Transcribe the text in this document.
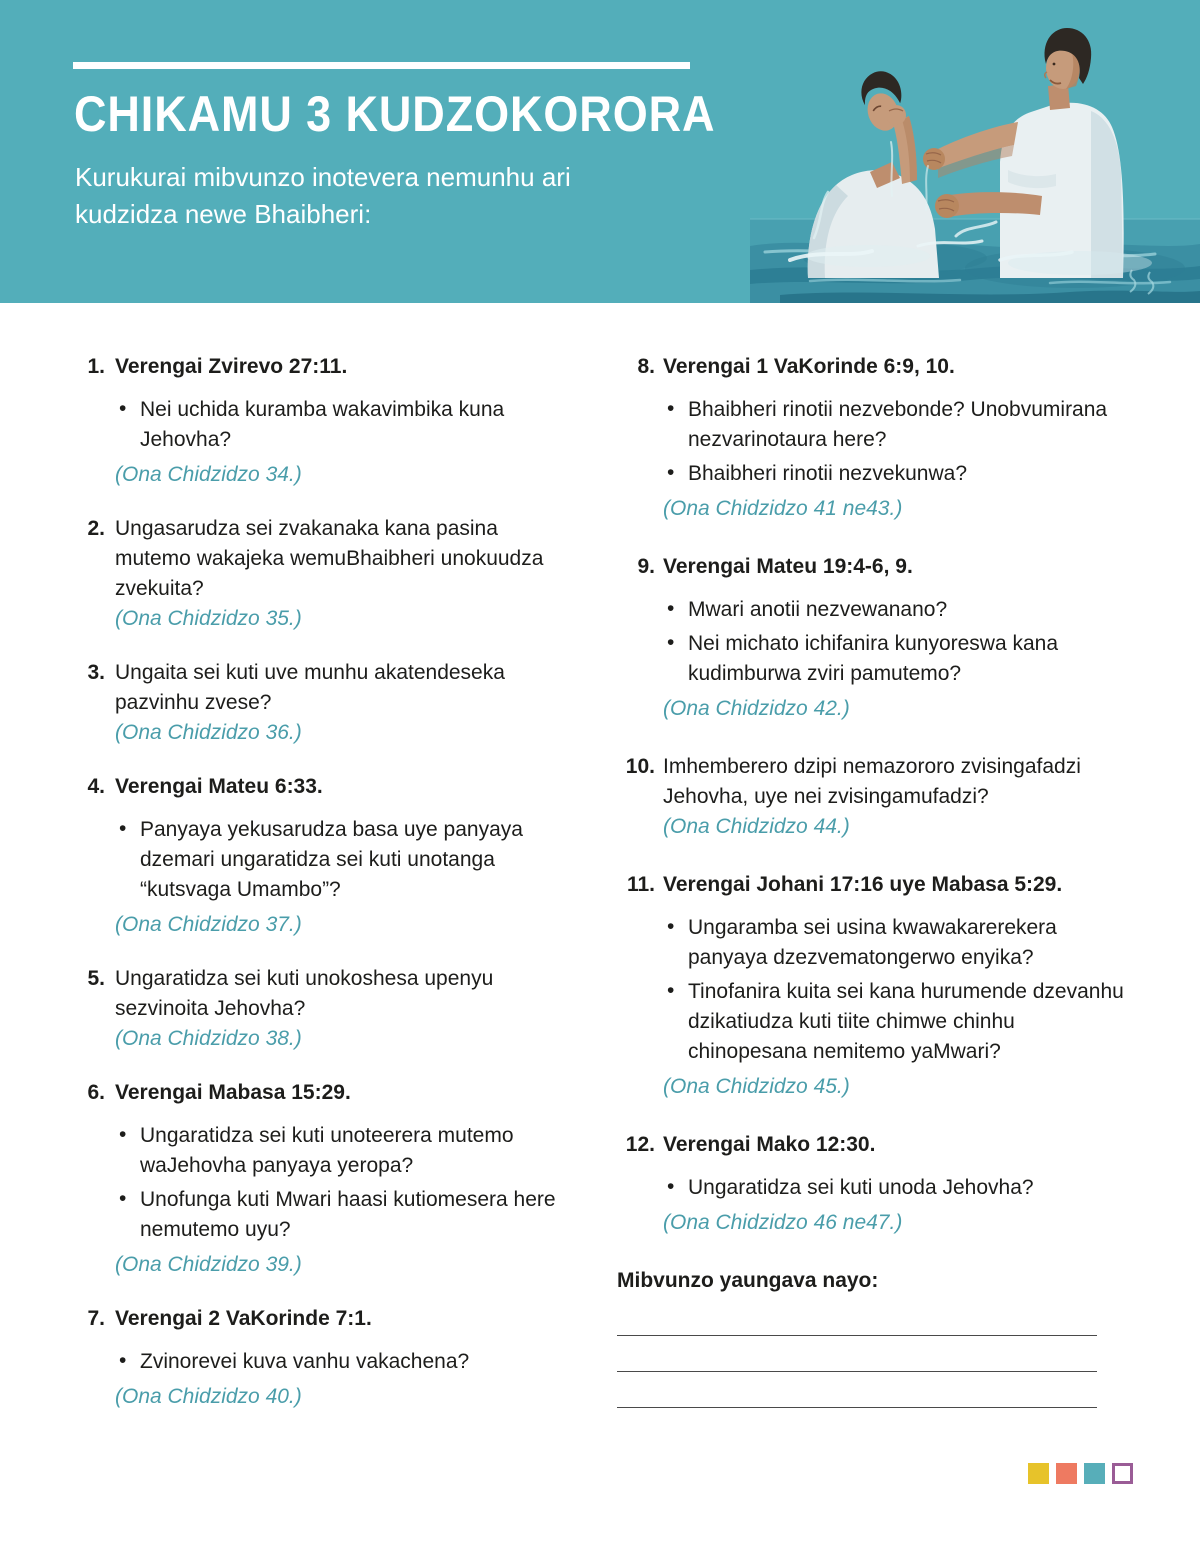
CHIKAMU 3 KUDZOKORORA
Kurukurai mibvunzo inotevera nemunhu ari kudzidza newe Bhaibheri:
1. Verengai Zvirevo 27:11.
• Nei uchida kuramba wakavimbika kuna Jehovha?
(Ona Chidzidzo 34.)
2. Ungasarudza sei zvakanaka kana pasina mutemo wakajeka wemuBhaibheri unokuudza zvekuita?
(Ona Chidzidzo 35.)
3. Ungaita sei kuti uve munhu akatendeseka pazvinhu zvese?
(Ona Chidzidzo 36.)
4. Verengai Mateu 6:33.
• Panyaya yekusarudza basa uye panyaya dzemari ungaratidza sei kuti unotanga “kutsvaga Umambo”?
(Ona Chidzidzo 37.)
5. Ungaratidza sei kuti unokoshesa upenyu sezvinoita Jehovha?
(Ona Chidzidzo 38.)
6. Verengai Mabasa 15:29.
• Ungaratidza sei kuti unoteerera mutemo waJehovha panyaya yeropa?
• Unofunga kuti Mwari haasi kutiomesera here nemutemo uyu?
(Ona Chidzidzo 39.)
7. Verengai 2 VaKorinde 7:1.
• Zvinorevei kuva vanhu vakachena?
(Ona Chidzidzo 40.)
8. Verengai 1 VaKorinde 6:9, 10.
• Bhaibheri rinotii nezvebonde? Unobvumirana nezvarinotaura here?
• Bhaibheri rinotii nezvekunwa?
(Ona Chidzidzo 41 ne43.)
9. Verengai Mateu 19:4-6, 9.
• Mwari anotii nezvewanano?
• Nei michato ichifanira kunyoreswa kana kudimburwa zviri pamutemo?
(Ona Chidzidzo 42.)
10. Imhemberero dzipi nemazororo zvisingafadzi Jehovha, uye nei zvisingamufadzi?
(Ona Chidzidzo 44.)
11. Verengai Johani 17:16 uye Mabasa 5:29.
• Ungaramba sei usina kwawakarerekera panyaya dzezvematongerwo enyika?
• Tinofanira kuita sei kana hurumende dzevanhu dzikatiudza kuti tiite chimwe chinhu chinopesana nemitemo yaMwari?
(Ona Chidzidzo 45.)
12. Verengai Mako 12:30.
• Ungaratidza sei kuti unoda Jehovha?
(Ona Chidzidzo 46 ne47.)
Mibvunzo yaungava nayo:
